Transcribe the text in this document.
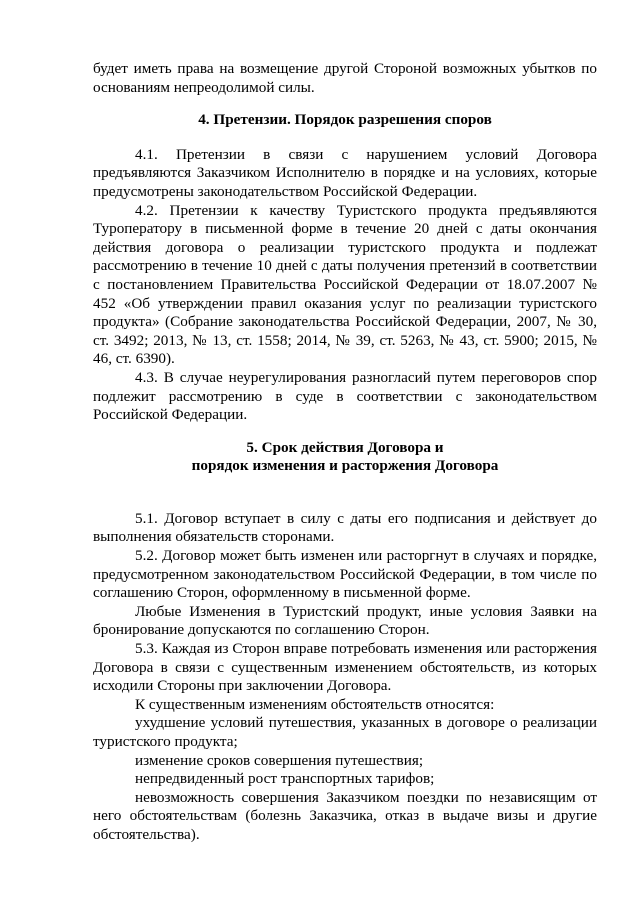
будет иметь права на возмещение другой Стороной возможных убытков по основаниям непреодолимой силы.

4. Претензии. Порядок разрешения споров

4.1. Претензии в связи с нарушением условий Договора предъявляются Заказчиком Исполнителю в порядке и на условиях, которые предусмотрены законодательством Российской Федерации.

4.2. Претензии к качеству Туристского продукта предъявляются Туроператору в письменной форме в течение 20 дней с даты окончания действия договора о реализации туристского продукта и подлежат рассмотрению в течение 10 дней с даты получения претензий в соответствии с постановлением Правительства Российской Федерации от 18.07.2007 № 452 «Об утверждении правил оказания услуг по реализации туристского продукта» (Собрание законодательства Российской Федерации, 2007, № 30, ст. 3492; 2013, № 13, ст. 1558; 2014, № 39, ст. 5263, № 43, ст. 5900; 2015, № 46, ст. 6390).

4.3. В случае неурегулирования разногласий путем переговоров спор подлежит рассмотрению в суде в соответствии с законодательством Российской Федерации.

5. Срок действия Договора и
порядок изменения и расторжения Договора

5.1. Договор вступает в силу с даты его подписания и действует до выполнения обязательств сторонами.

5.2. Договор может быть изменен или расторгнут в случаях и порядке, предусмотренном законодательством Российской Федерации, в том числе по соглашению Сторон, оформленному в письменной форме.

Любые Изменения в Туристский продукт, иные условия Заявки на бронирование допускаются по соглашению Сторон.

5.3. Каждая из Сторон вправе потребовать изменения или расторжения Договора в связи с существенным изменением обстоятельств, из которых исходили Стороны при заключении Договора.

К существенным изменениям обстоятельств относятся:

ухудшение условий путешествия, указанных в договоре о реализации туристского продукта;

изменение сроков совершения путешествия;

непредвиденный рост транспортных тарифов;

невозможность совершения Заказчиком поездки по независящим от него обстоятельствам (болезнь Заказчика, отказ в выдаче визы и другие обстоятельства).
